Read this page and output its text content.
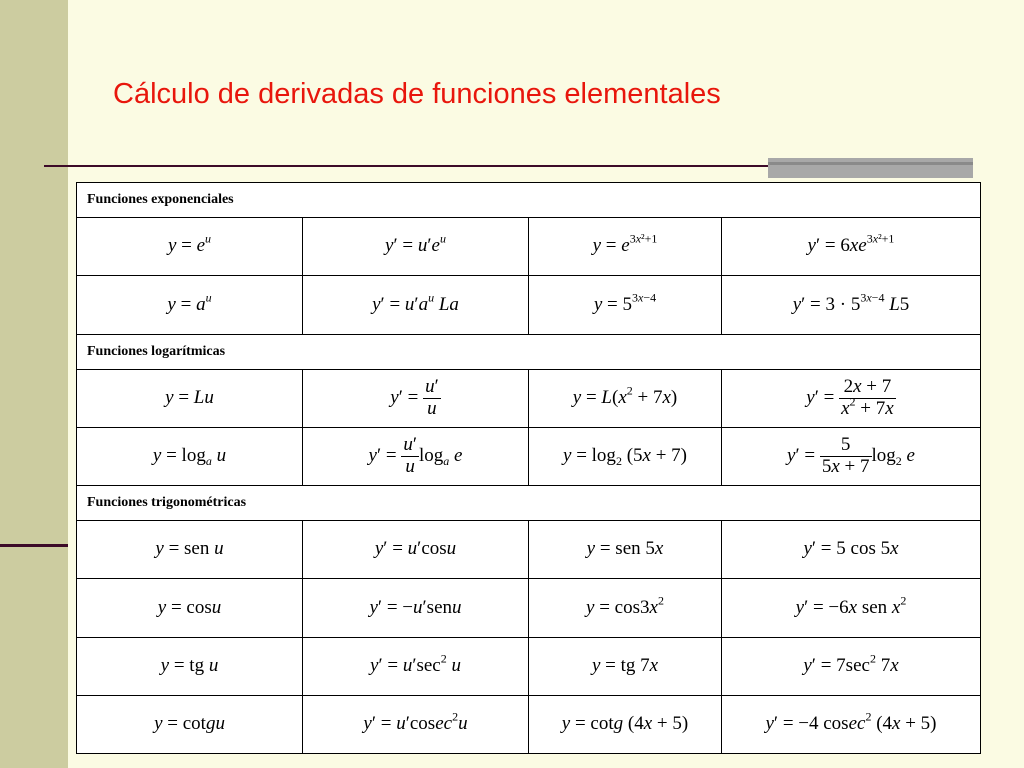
Cálculo de derivadas de funciones elementales
Funciones exponenciales			
$y = e^u$	$y' = u'e^u$	$y = e^{3x^2+1}$	$y' = 6xe^{3x^2+1}$
$y = a^u$	$y' = u'a^u$ La	$y = 5^{3x-4}$	$y' = 3 \cdot 5^{3x-4}$ L5
Funciones logarítmicas			
y = Lu	$y' = \frac{u'}{u}$	$y = L(x^2 + 7x)$	$y' = \frac{2x + 7}{x^2 + 7x}$

$y = \log_a u$	$y' = \frac{u'}{u} \log_a e$	$y = \log_2 (5x + 7)$	$y' = \frac{5}{5x + 7} \log_2 e$
Funciones trigonométricas			
y = sen u	y′ = u′cosu	y = sen 5x	y′ = 5 cos 5x
y = cosu	y′ = −u′senu	$y = \cos 3x^2$	y′ = −6x sen $x^2$
y = tg u	$y' = u'\sec^2$ u	y = tg 7x	$y' = 7\sec^2$ 7x
y = cotgu	y′ = u′cosec$^2$u	y = cotg (4x + 5)	y′ = −4 cosec$^2$ (4x + 5)
